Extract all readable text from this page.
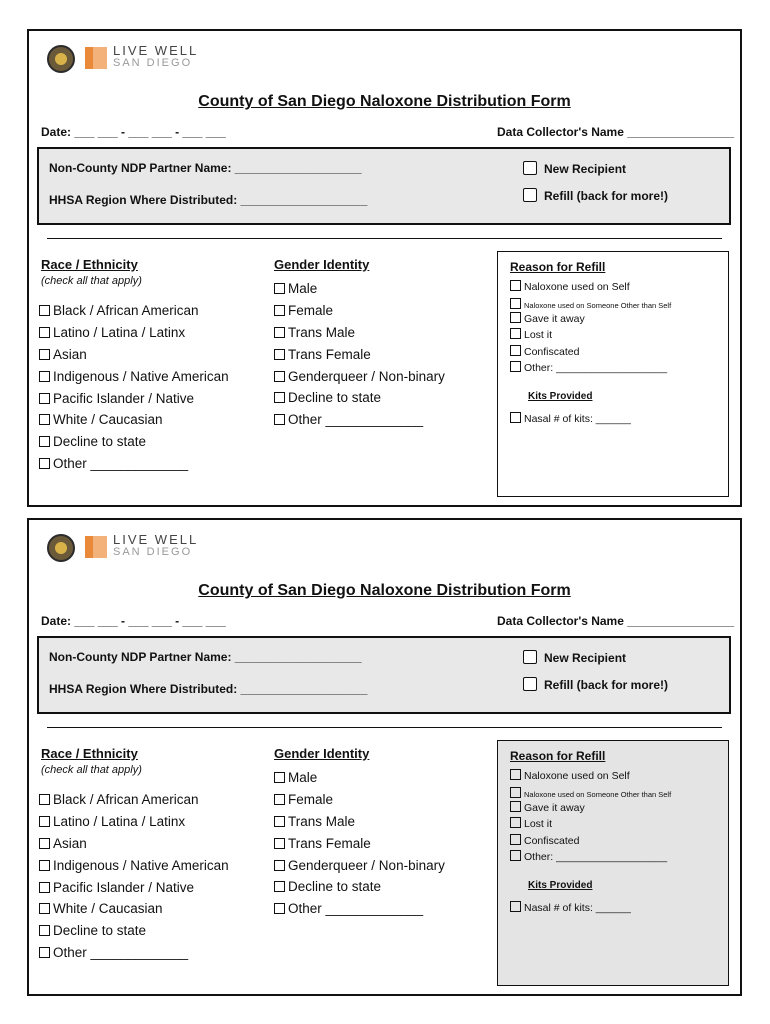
LIVE WELL
SAN DIEGO
County of San Diego Naloxone Distribution Form
Date: ___ ___ - ___ ___ - ___ ___	Data Collector's Name ________________
Non-County NDP Partner Name: ___________________
HHSA Region Where Distributed: ___________________
New Recipient
Refill (back for more!)
Race / Ethnicity
(check all that apply)
Black / African American
Latino / Latina / Latinx
Asian
Indigenous / Native American
Pacific Islander / Native
White / Caucasian
Decline to state
Other _____________
Gender Identity
Male
Female
Trans Male
Trans Female
Genderqueer / Non-binary
Decline to state
Other _____________
Reason for Refill
Naloxone used on Self
Naloxone used on Someone Other than Self
Gave it away
Lost it
Confiscated
Other: ___________________
Kits Provided
Nasal # of kits: ______
LIVE WELL
SAN DIEGO
County of San Diego Naloxone Distribution Form
Date: ___ ___ - ___ ___ - ___ ___	Data Collector's Name ________________
Non-County NDP Partner Name: ___________________
HHSA Region Where Distributed: ___________________
New Recipient
Refill (back for more!)
Race / Ethnicity
(check all that apply)
Black / African American
Latino / Latina / Latinx
Asian
Indigenous / Native American
Pacific Islander / Native
White / Caucasian
Decline to state
Other _____________
Gender Identity
Male
Female
Trans Male
Trans Female
Genderqueer / Non-binary
Decline to state
Other _____________
Reason for Refill
Naloxone used on Self
Naloxone used on Someone Other than Self
Gave it away
Lost it
Confiscated
Other: ___________________
Kits Provided
Nasal # of kits: ______
